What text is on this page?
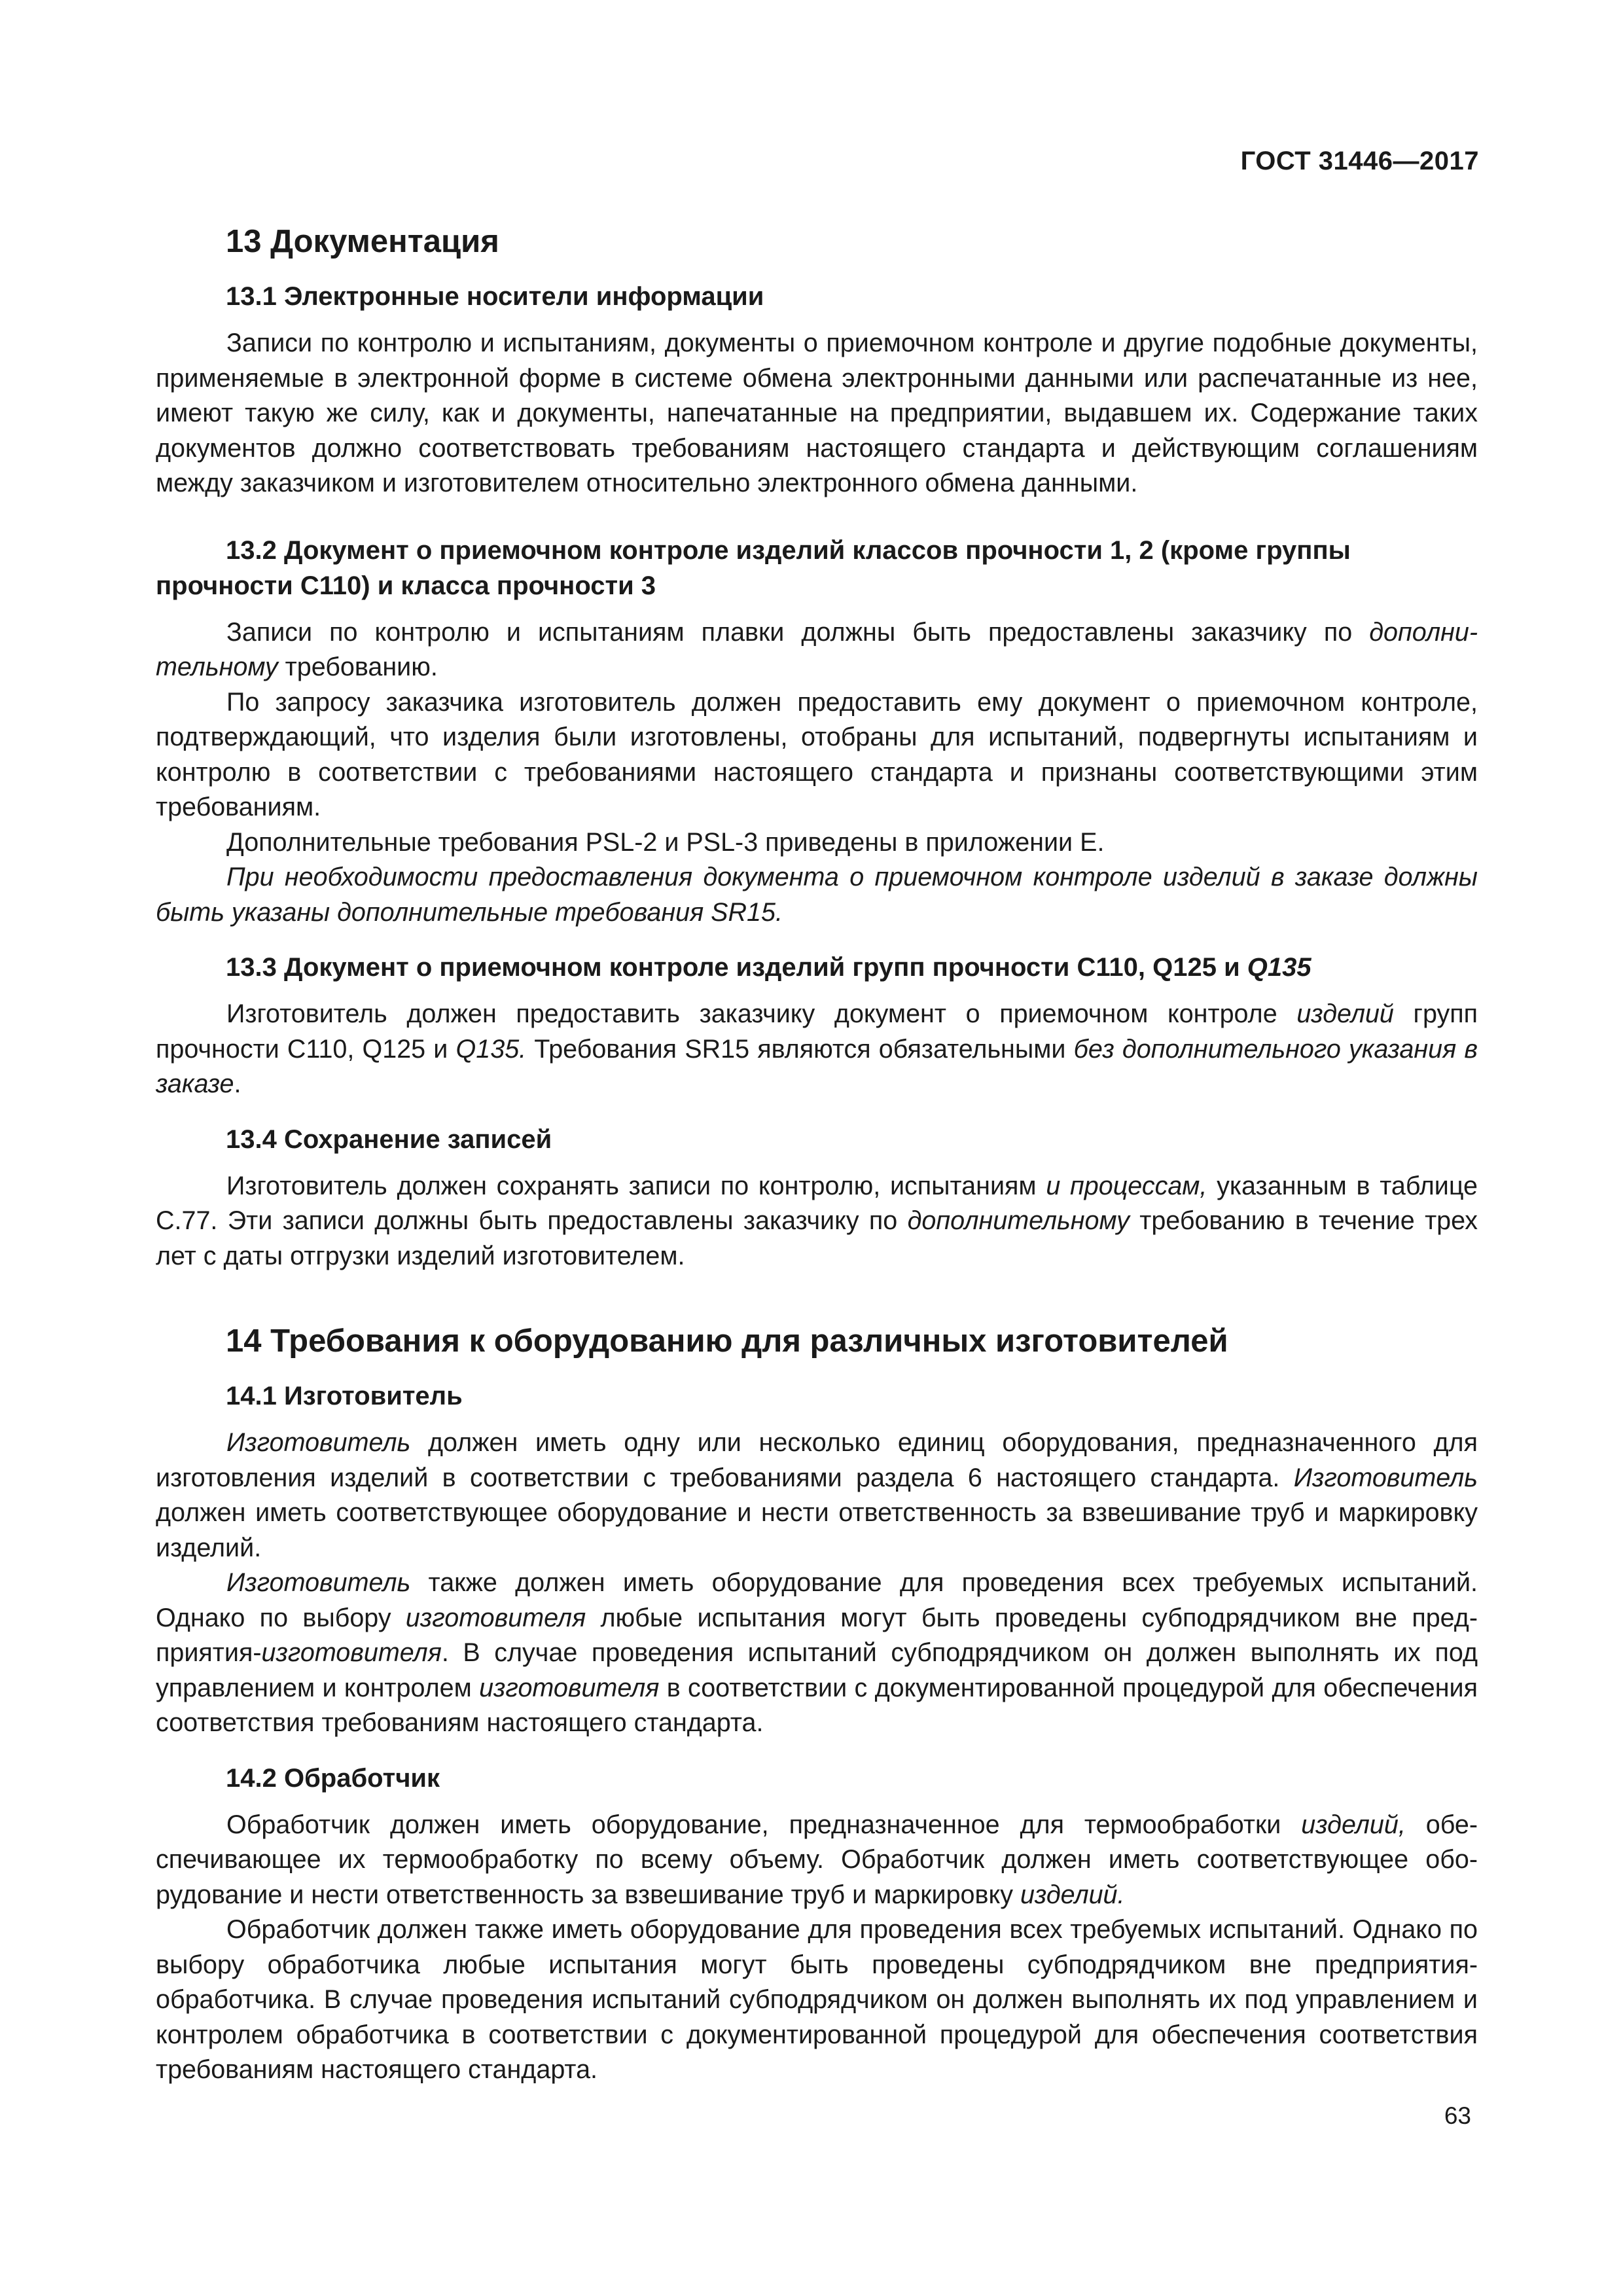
ГОСТ 31446—2017
13 Документация
13.1 Электронные носители информации

Записи по контролю и испытаниям, документы о приемочном контроле и другие подобные документы, применяемые в электронной форме в системе обмена электронными данными или распечатанные из нее, имеют такую же силу, как и документы, напечатанные на предприятии, выдавшем их. Содержание таких документов должно соответствовать требованиям настоящего стандарта и действующим соглашениям между заказчиком и изготовителем относительно электронного обмена данными.

13.2 Документ о приемочном контроле изделий классов прочности 1, 2 (кроме группы прочности С110) и класса прочности 3

Записи по контролю и испытаниям плавки должны быть предоставлены заказчику по дополнительному требованию.

По запросу заказчика изготовитель должен предоставить ему документ о приемочном контроле, подтверждающий, что изделия были изготовлены, отобраны для испытаний, подвергнуты испытаниям и контролю в соответствии с требованиями настоящего стандарта и признаны соответствующими этим требованиям.

Дополнительные требования PSL-2 и PSL-3 приведены в приложении Е.

При необходимости предоставления документа о приемочном контроле изделий в заказе должны быть указаны дополнительные требования SR15.

13.3 Документ о приемочном контроле изделий групп прочности С110, Q125 и Q135

Изготовитель должен предоставить заказчику документ о приемочном контроле изделий групп прочности С110, Q125 и Q135. Требования SR15 являются обязательными без дополнительного указания в заказе.

13.4 Сохранение записей

Изготовитель должен сохранять записи по контролю, испытаниям и процессам, указанным в таблице С.77. Эти записи должны быть предоставлены заказчику по дополнительному требованию в течение трех лет с даты отгрузки изделий изготовителем.

14 Требования к оборудованию для различных изготовителей
14.1 Изготовитель

Изготовитель должен иметь одну или несколько единиц оборудования, предназначенного для изготовления изделий в соответствии с требованиями раздела 6 настоящего стандарта. Изготовитель должен иметь соответствующее оборудование и нести ответственность за взвешивание труб и маркировку изделий.

Изготовитель также должен иметь оборудование для проведения всех требуемых испытаний. Однако по выбору изготовителя любые испытания могут быть проведены субподрядчиком вне предприятия-изготовителя. В случае проведения испытаний субподрядчиком он должен выполнять их под управлением и контролем изготовителя в соответствии с документированной процедурой для обеспечения соответствия требованиям настоящего стандарта.

14.2 Обработчик

Обработчик должен иметь оборудование, предназначенное для термообработки изделий, обеспечивающее их термообработку по всему объему. Обработчик должен иметь соответствующее оборудование и нести ответственность за взвешивание труб и маркировку изделий.

Обработчик должен также иметь оборудование для проведения всех требуемых испытаний. Однако по выбору обработчика любые испытания могут быть проведены субподрядчиком вне предприятия-обработчика. В случае проведения испытаний субподрядчиком он должен выполнять их под управлением и контролем обработчика в соответствии с документированной процедурой для обеспечения соответствия требованиям настоящего стандарта.

63
